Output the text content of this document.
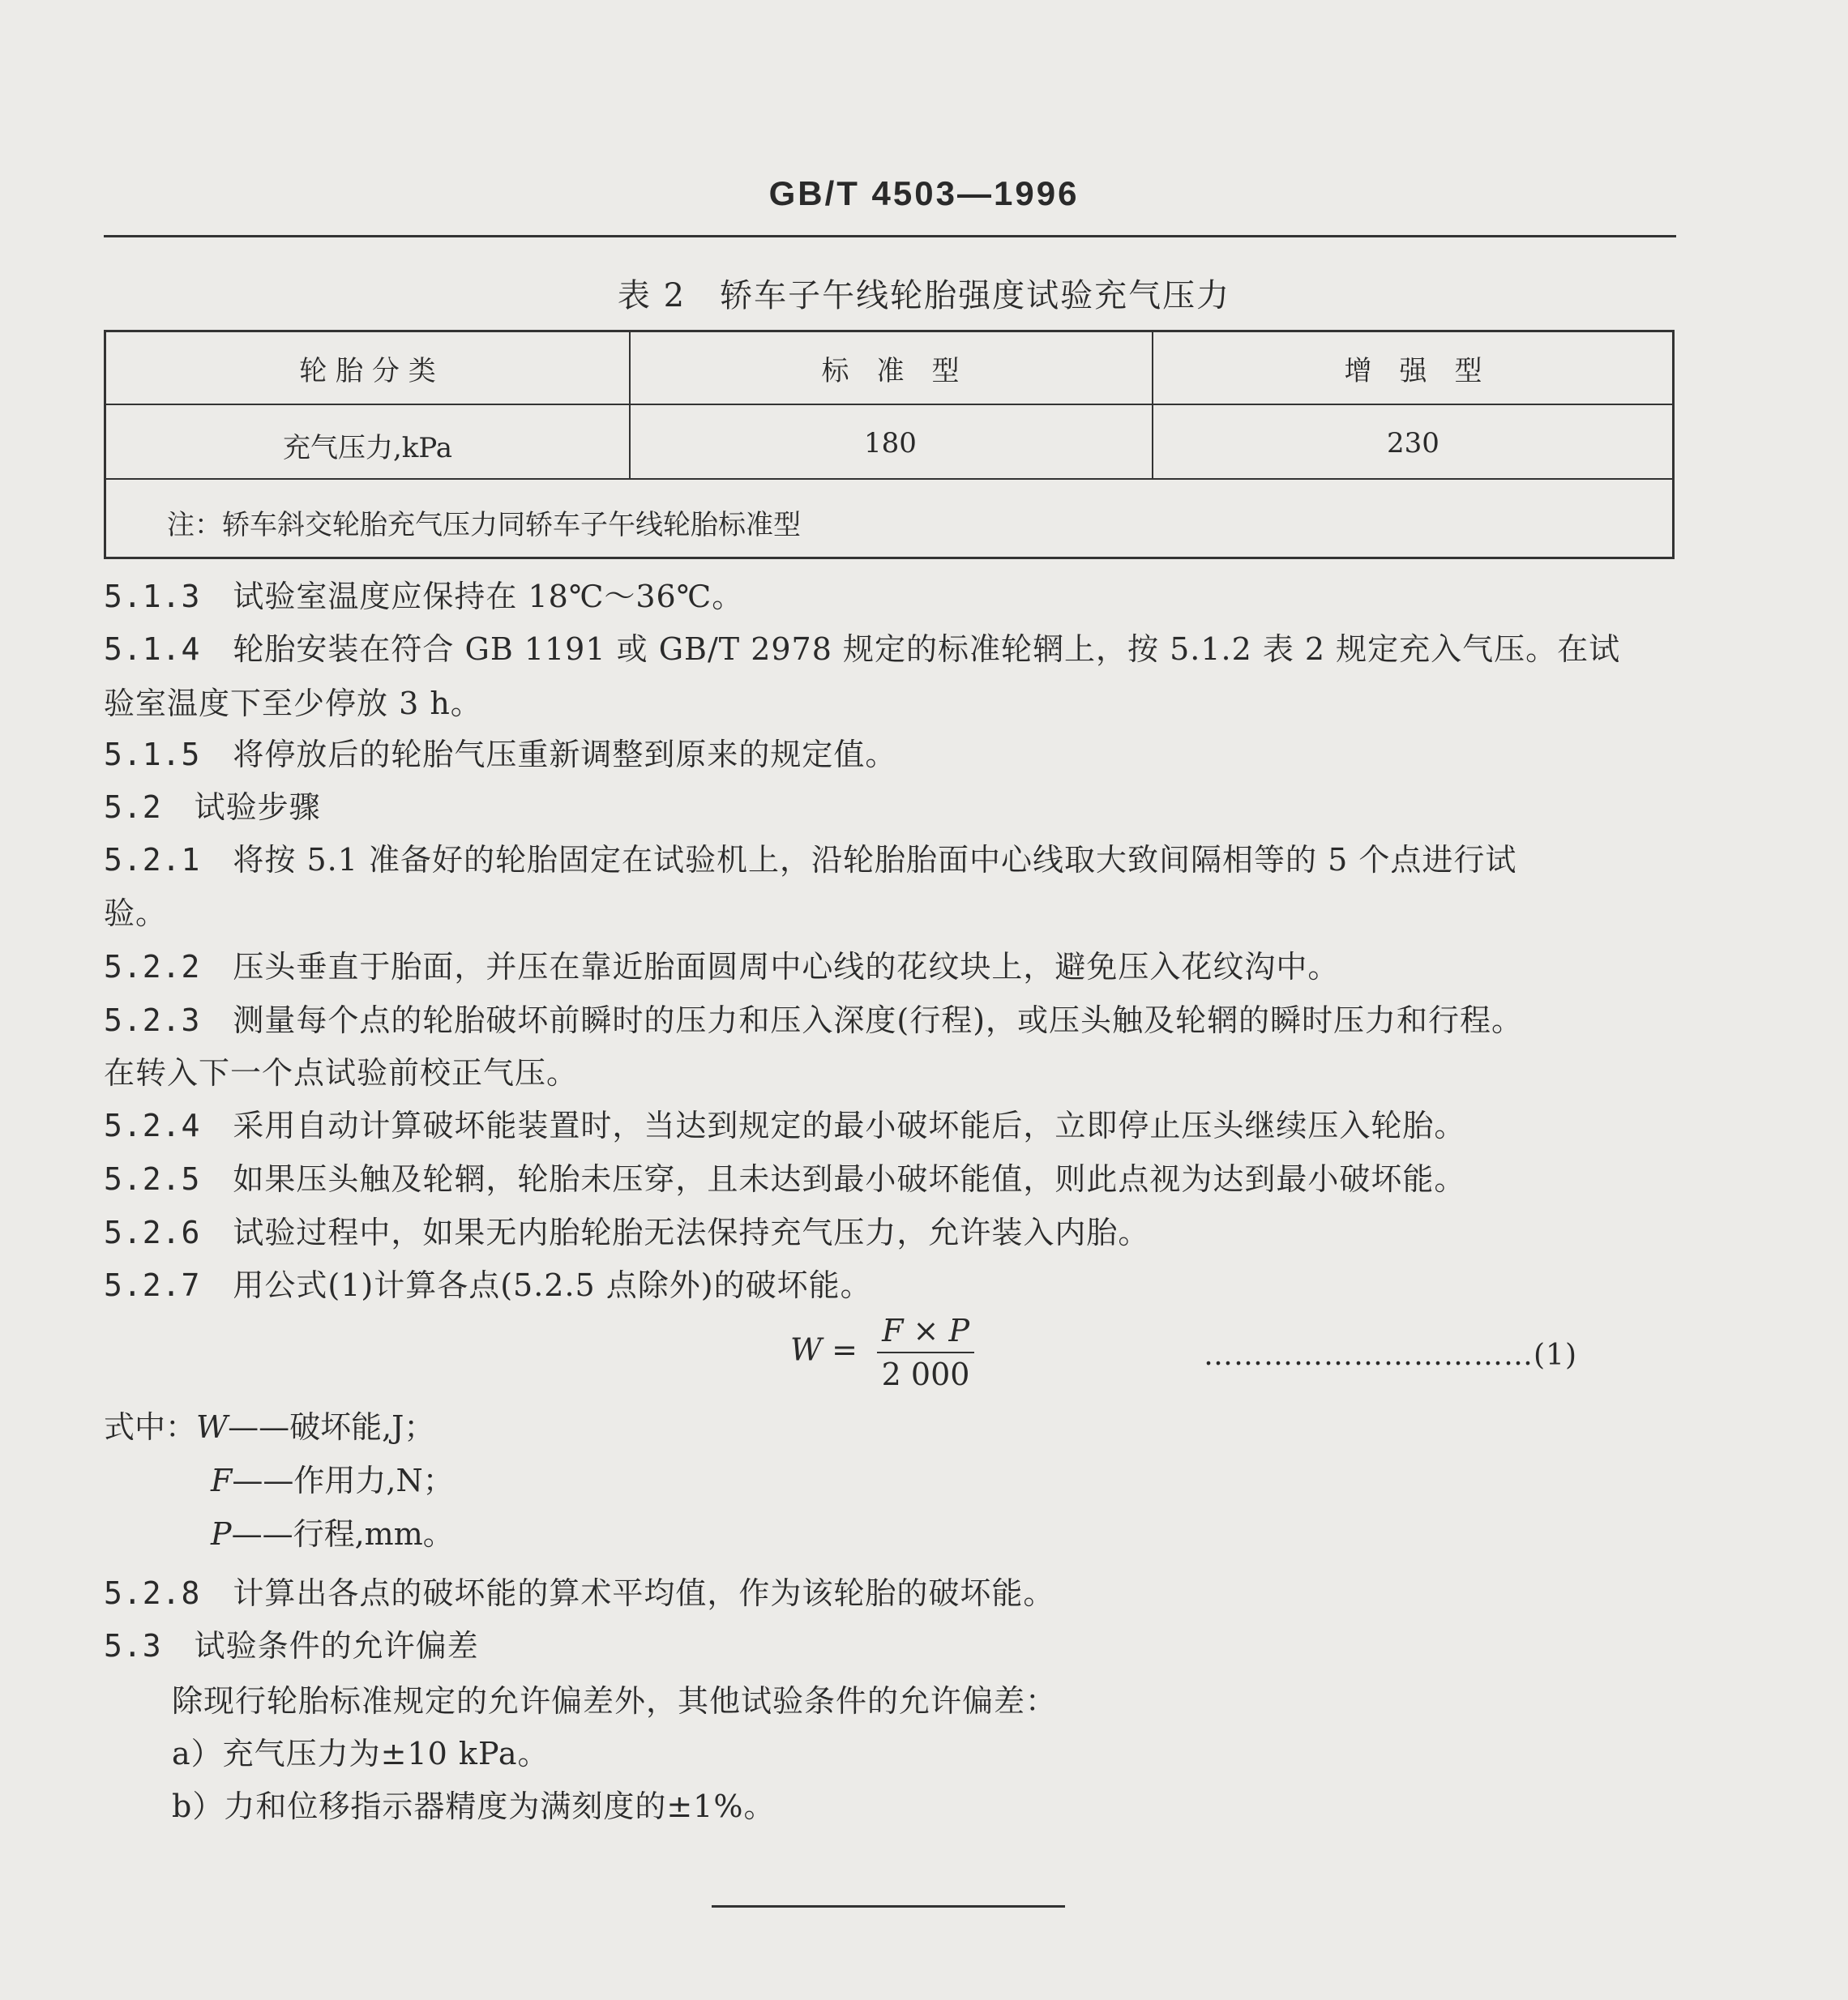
GB/T 4503—1996
表 2　轿车子午线轮胎强度试验充气压力
轮 胎 分 类	标　准　型	增　强　型
充气压力,kPa	180	230
注：轿车斜交轮胎充气压力同轿车子午线轮胎标准型
5.1.3 试验室温度应保持在 18℃～36℃。
5.1.4 轮胎安装在符合 GB 1191 或 GB/T 2978 规定的标准轮辋上，按 5.1.2 表 2 规定充入气压。在试
验室温度下至少停放 3 h。
5.1.5 将停放后的轮胎气压重新调整到原来的规定值。
5.2 试验步骤
5.2.1 将按 5.1 准备好的轮胎固定在试验机上，沿轮胎胎面中心线取大致间隔相等的 5 个点进行试
验。
5.2.2 压头垂直于胎面，并压在靠近胎面圆周中心线的花纹块上，避免压入花纹沟中。
5.2.3 测量每个点的轮胎破坏前瞬时的压力和压入深度(行程)，或压头触及轮辋的瞬时压力和行程。
在转入下一个点试验前校正气压。
5.2.4 采用自动计算破坏能装置时，当达到规定的最小破坏能后，立即停止压头继续压入轮胎。
5.2.5 如果压头触及轮辋，轮胎未压穿，且未达到最小破坏能值，则此点视为达到最小破坏能。
5.2.6 试验过程中，如果无内胎轮胎无法保持充气压力，允许装入内胎。
5.2.7 用公式(1)计算各点(5.2.5 点除外)的破坏能。
$W = \frac{F \times P}{2 000}$	……………………………(1)
式中：W——破坏能,J；
F——作用力,N；
P——行程,mm。
5.2.8 计算出各点的破坏能的算术平均值，作为该轮胎的破坏能。
5.3 试验条件的允许偏差
除现行轮胎标准规定的允许偏差外，其他试验条件的允许偏差：
a）充气压力为±10 kPa。
b）力和位移指示器精度为满刻度的±1%。
